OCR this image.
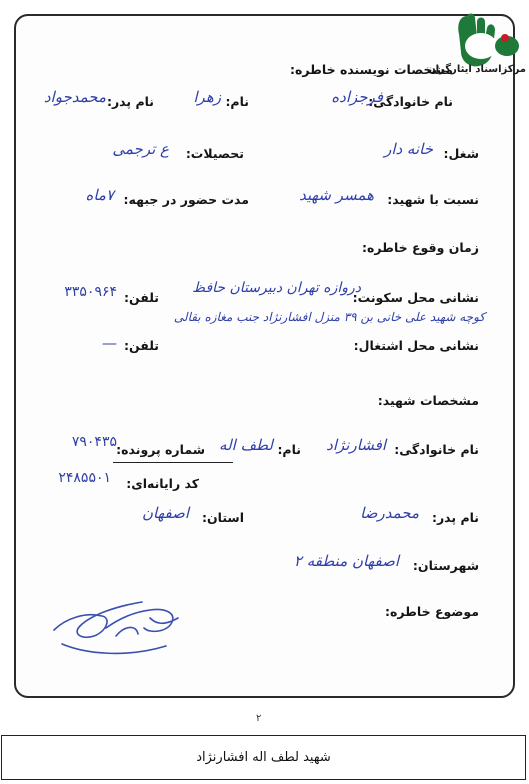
مرکزاسناد ایثارگران
مشخصات نویسنده خاطره:
نام خانوادگی:
فرجزاده
نام:
زهرا
نام پدر:
محمدجواد
شغل:
خانه دار
تحصیلات:
ع ترجمی
نسبت با شهید:
همسر شهید
مدت حضور در جبهه:
۷ماه
زمان وقوع خاطره:
نشانی محل سکونت:
دروازه تهران دبیرستان حافظ
تلفن:
۳۳۵۰۹۶۴
کوچه شهید علی خانی بن ۳۹ منزل افشارنژاد جنب مغازه بقالی
نشانی محل اشتغال:
تلفن:
—
مشخصات شهید:
نام خانوادگی:
افشارنژاد
نام:
لطف اله
شماره پرونده:
۷۹۰۴۳۵
کد رایانه‌ای:
۲۴۸۵۵۰۱
نام پدر:
محمدرضا
استان:
اصفهان
شهرستان:
اصفهان منطقه ۲
موضوع خاطره:
۲
شهید لطف اله افشارنژاد
